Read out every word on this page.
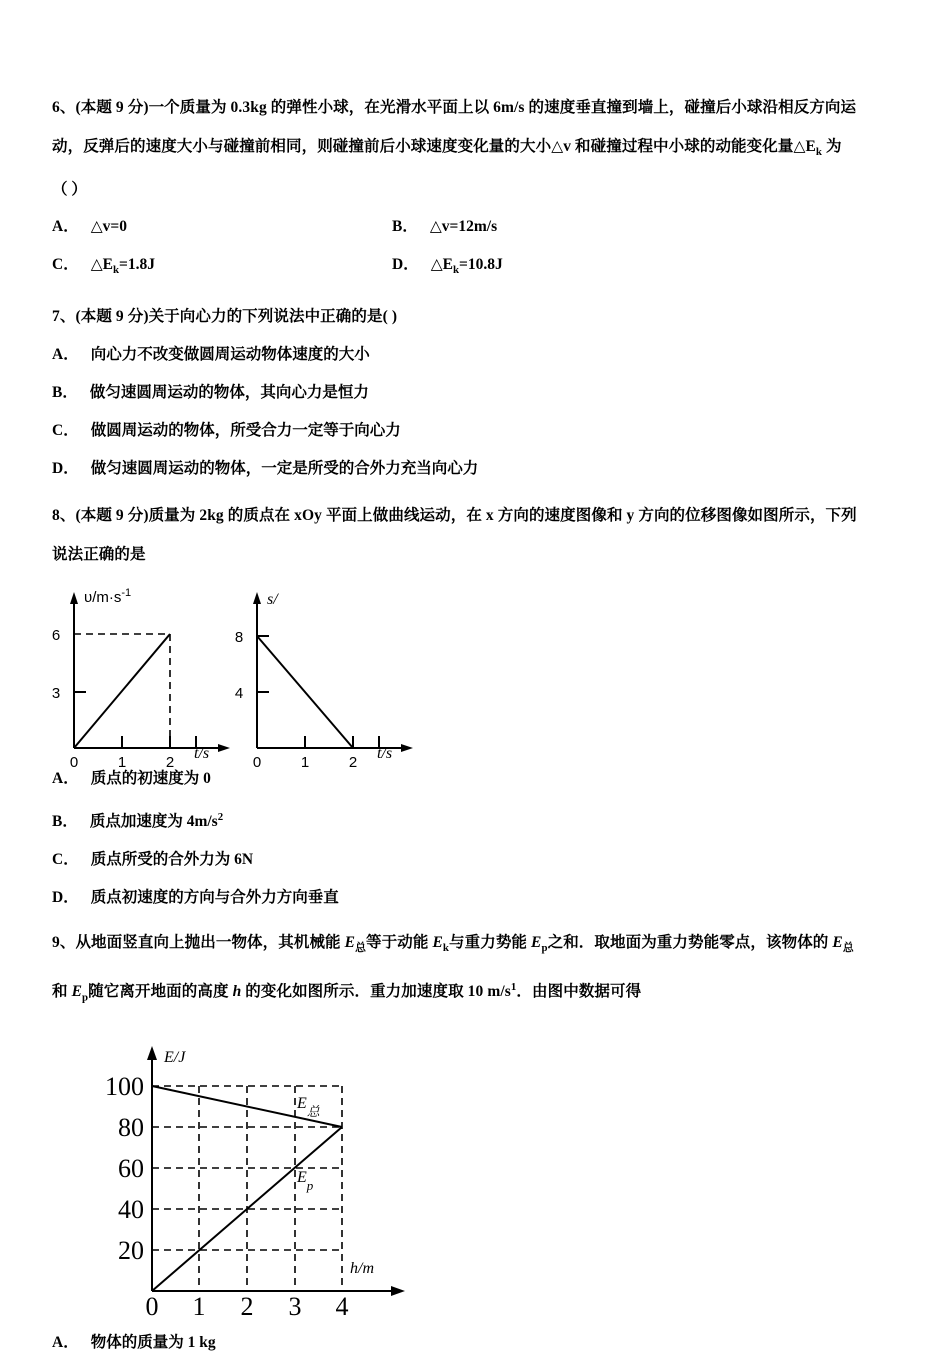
6、(本题 9 分)一个质量为 0.3kg 的弹性小球，在光滑水平面上以 6m/s 的速度垂直撞到墙上，碰撞后小球沿相反方向运
动，反弹后的速度大小与碰撞前相同，则碰撞前后小球速度变化量的大小△v 和碰撞过程中小球的动能变化量$\triangle E_k$ 为
（ ）
A． △v=0	B． △v=12m/s
C． $\triangle E_k=1.8J$	D． $\triangle E_k=10.8J$
7、(本题 9 分)关于向心力的下列说法中正确的是( )
A． 向心力不改变做圆周运动物体速度的大小
B． 做匀速圆周运动的物体，其向心力是恒力
C． 做圆周运动的物体，所受合力一定等于向心力
D． 做匀速圆周运动的物体，一定是所受的合外力充当向心力
8、(本题 9 分)质量为 2kg 的质点在 xOy 平面上做曲线运动，在 x 方向的速度图像和 y 方向的位移图像如图所示，下列
说法正确的是
$\upsilon/m\cdot s^{-1}$
t/s
3
6
0	1	2
s/
t/s
4
8
0	1	2
A． 质点的初速度为 0
B． 质点加速度为 $4m/s^2$
C． 质点所受的合外力为 6N
D． 质点初速度的方向与合外力方向垂直
9、从地面竖直向上抛出一物体，其机械能 $E_总$等于动能 $E_k$与重力势能 $E_p$之和．取地面为重力势能零点，该物体的 $E_总$
和 $E_p$随它离开地面的高度 h 的变化如图所示．重力加速度取 10 $m/s^1$．由图中数据可得
E/J
h/m
100
80
60
40
20
0 1 2 3 4
$E_总$
$E_p$
A． 物体的质量为 1 kg
